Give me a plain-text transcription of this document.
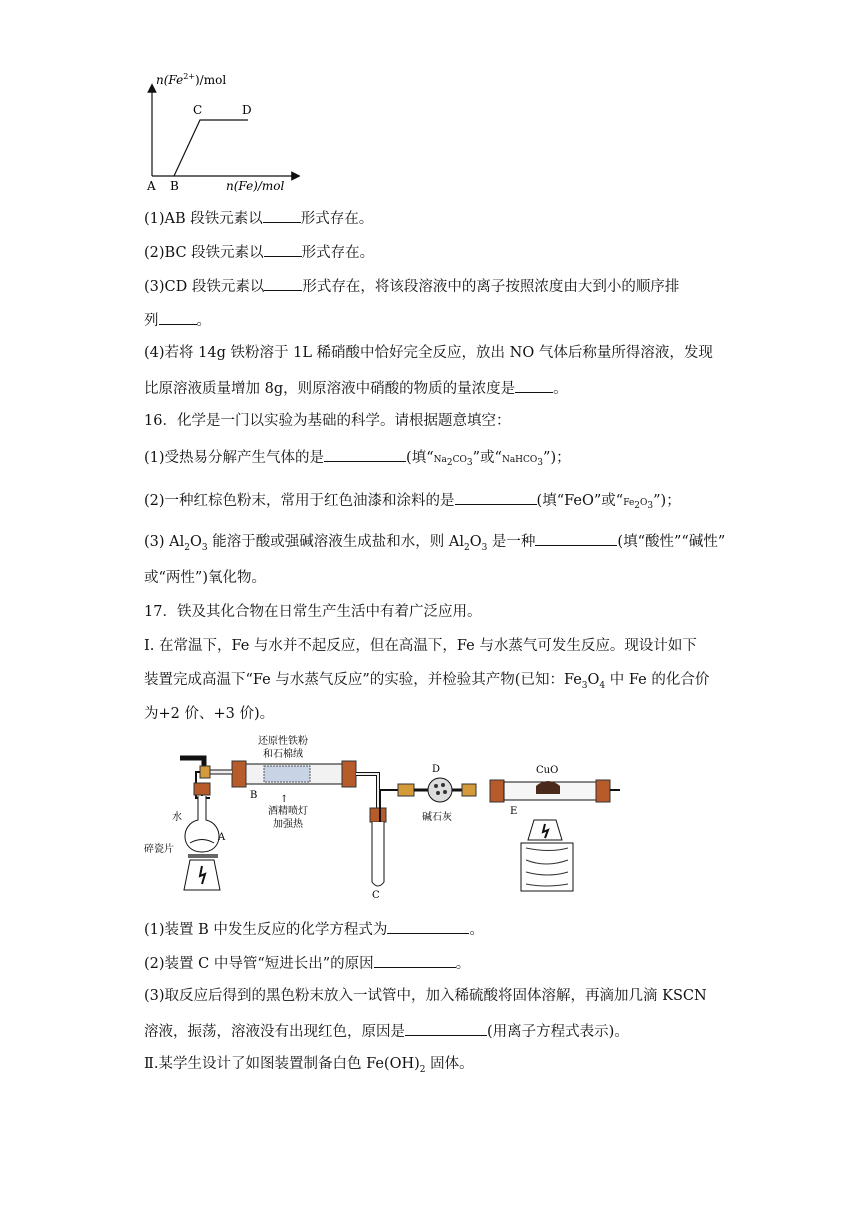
$n(Fe^{2+})$/mol
n(Fe)/mol
A B
C	D
(1)AB 段铁元素以	形式存在。
(2)BC 段铁元素以	形式存在。
(3)CD 段铁元素以	形式存在，将该段溶液中的离子按照浓度由大到小的顺序排
列	。
(4)若将 14g 铁粉溶于 1L 稀硝酸中恰好完全反应，放出 NO 气体后称量所得溶液，发现
比原溶液质量增加 8g，则原溶液中硝酸的物质的量浓度是	。
16．化学是一门以实验为基础的科学。请根据题意填空：
(1)受热易分解产生气体的是	(填“$Na_2CO_3$”或“NaHCO$_3$”)；
(2)一种红棕色粉末，常用于红色油漆和涂料的是	(填“FeO”或“$Fe_2O_3$”)；
(3) $Al_2O_3$ 能溶于酸或强碱溶液生成盐和水，则 $Al_2O_3$ 是一种	(填“酸性”“碱性”
或“两性”)氧化物。
17．铁及其化合物在日常生产生活中有着广泛应用。
I. 在常温下，Fe 与水并不起反应，但在高温下，Fe 与水蒸气可发生反应。现设计如下
装置完成高温下“Fe 与水蒸气反应”的实验，并检验其产物(已知：$Fe_3O_4$ 中 Fe 的化合价
为+2 价、+3 价)。
还原性铁粉
和石棉绒
B ↑
酒精喷灯
加强热
水
A
碎瓷片
C
D
碱石灰
CuO
E
(1)装置 B 中发生反应的化学方程式为	。
(2)装置 C 中导管“短进长出”的原因	。
(3)取反应后得到的黑色粉末放入一试管中，加入稀硫酸将固体溶解，再滴加几滴 KSCN
溶液，振荡，溶液没有出现红色，原因是	(用离子方程式表示)。
Ⅱ.某学生设计了如图装置制备白色 $Fe(OH)_2$ 固体。
